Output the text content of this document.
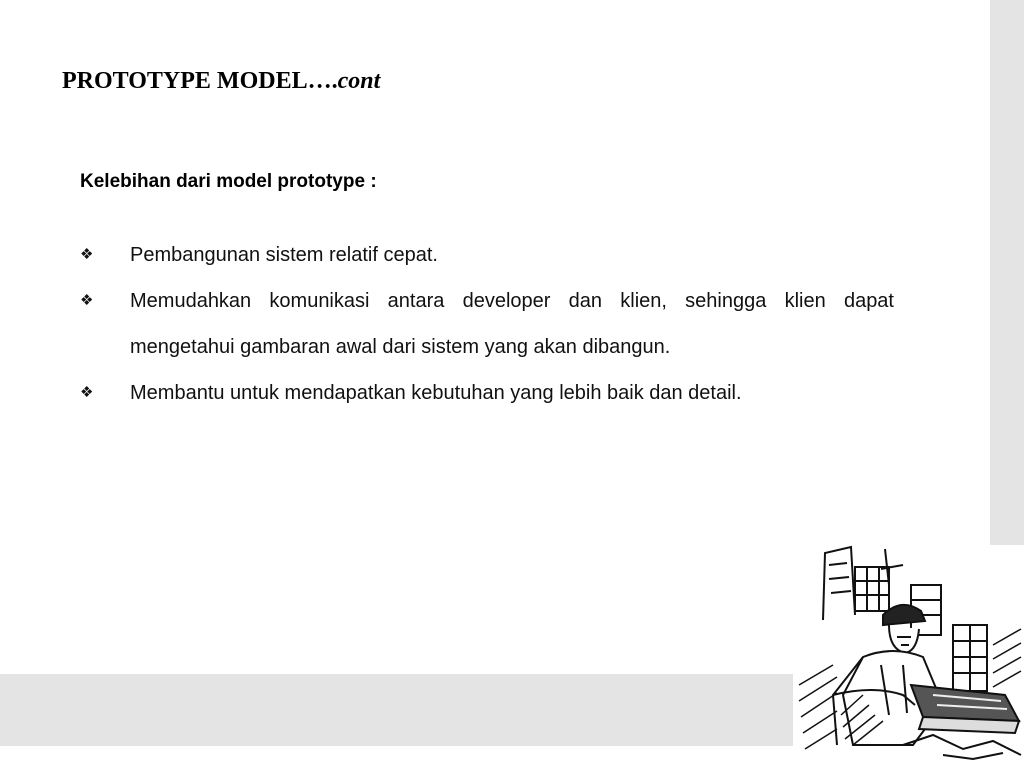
PROTOTYPE MODEL….cont
Kelebihan dari model prototype :
❖ Pembangunan sistem relatif cepat.
❖ Memudahkan komunikasi antara developer dan klien, sehingga klien dapat mengetahui gambaran awal dari sistem yang akan dibangun.
❖ Membantu untuk mendapatkan kebutuhan yang lebih baik dan detail.
